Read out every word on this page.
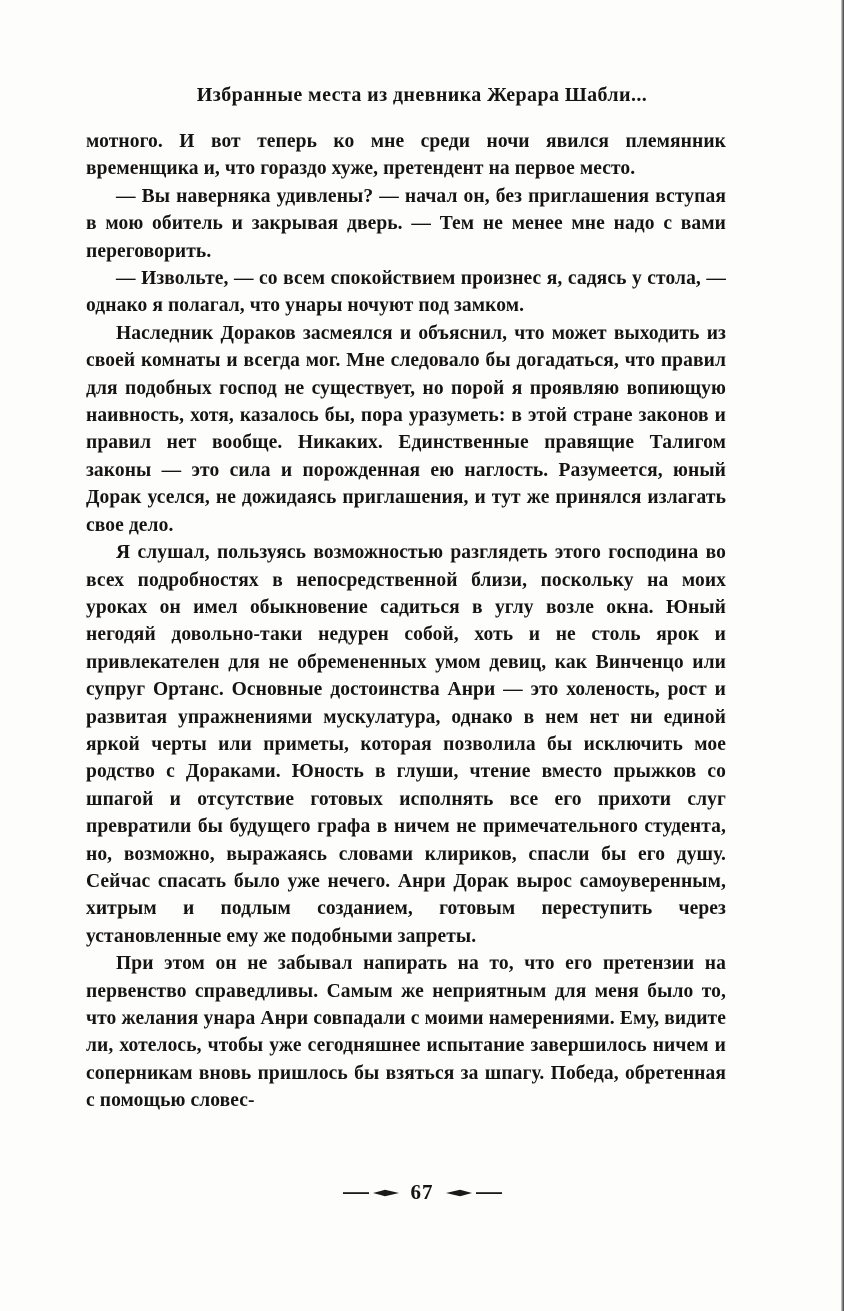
Избранные места из дневника Жерара Шабли...

мотного. И вот теперь ко мне среди ночи явился племянник временщика и, что гораздо хуже, претендент на первое место.

— Вы наверняка удивлены? — начал он, без приглашения вступая в мою обитель и закрывая дверь. — Тем не менее мне надо с вами переговорить.

— Извольте, — со всем спокойствием произнес я, садясь у стола, — однако я полагал, что унары ночуют под замком.

Наследник Дораков засмеялся и объяснил, что может выходить из своей комнаты и всегда мог. Мне следовало бы догадаться, что правил для подобных господ не существует, но порой я проявляю вопиющую наивность, хотя, казалось бы, пора уразуметь: в этой стране законов и правил нет вообще. Никаких. Единственные правящие Талигом законы — это сила и порожденная ею наглость. Разумеется, юный Дорак уселся, не дожидаясь приглашения, и тут же принялся излагать свое дело.

Я слушал, пользуясь возможностью разглядеть этого господина во всех подробностях в непосредственной близи, поскольку на моих уроках он имел обыкновение садиться в углу возле окна. Юный негодяй довольно-таки недурен собой, хоть и не столь ярок и привлекателен для не обремененных умом девиц, как Винченцо или супруг Ортанс. Основные достоинства Анри — это холеность, рост и развитая упражнениями мускулатура, однако в нем нет ни единой яркой черты или приметы, которая позволила бы исключить мое родство с Дораками. Юность в глуши, чтение вместо прыжков со шпагой и отсутствие готовых исполнять все его прихоти слуг превратили бы будущего графа в ничем не примечательного студента, но, возможно, выражаясь словами клириков, спасли бы его душу. Сейчас спасать было уже нечего. Анри Дорак вырос самоуверенным, хитрым и подлым созданием, готовым переступить через установленные ему же подобными запреты.

При этом он не забывал напирать на то, что его претензии на первенство справедливы. Самым же неприятным для меня было то, что желания унара Анри совпадали с моими намерениями. Ему, видите ли, хотелось, чтобы уже сегодняшнее испытание завершилось ничем и соперникам вновь пришлось бы взяться за шпагу. Победа, обретенная с помощью словес-

67
